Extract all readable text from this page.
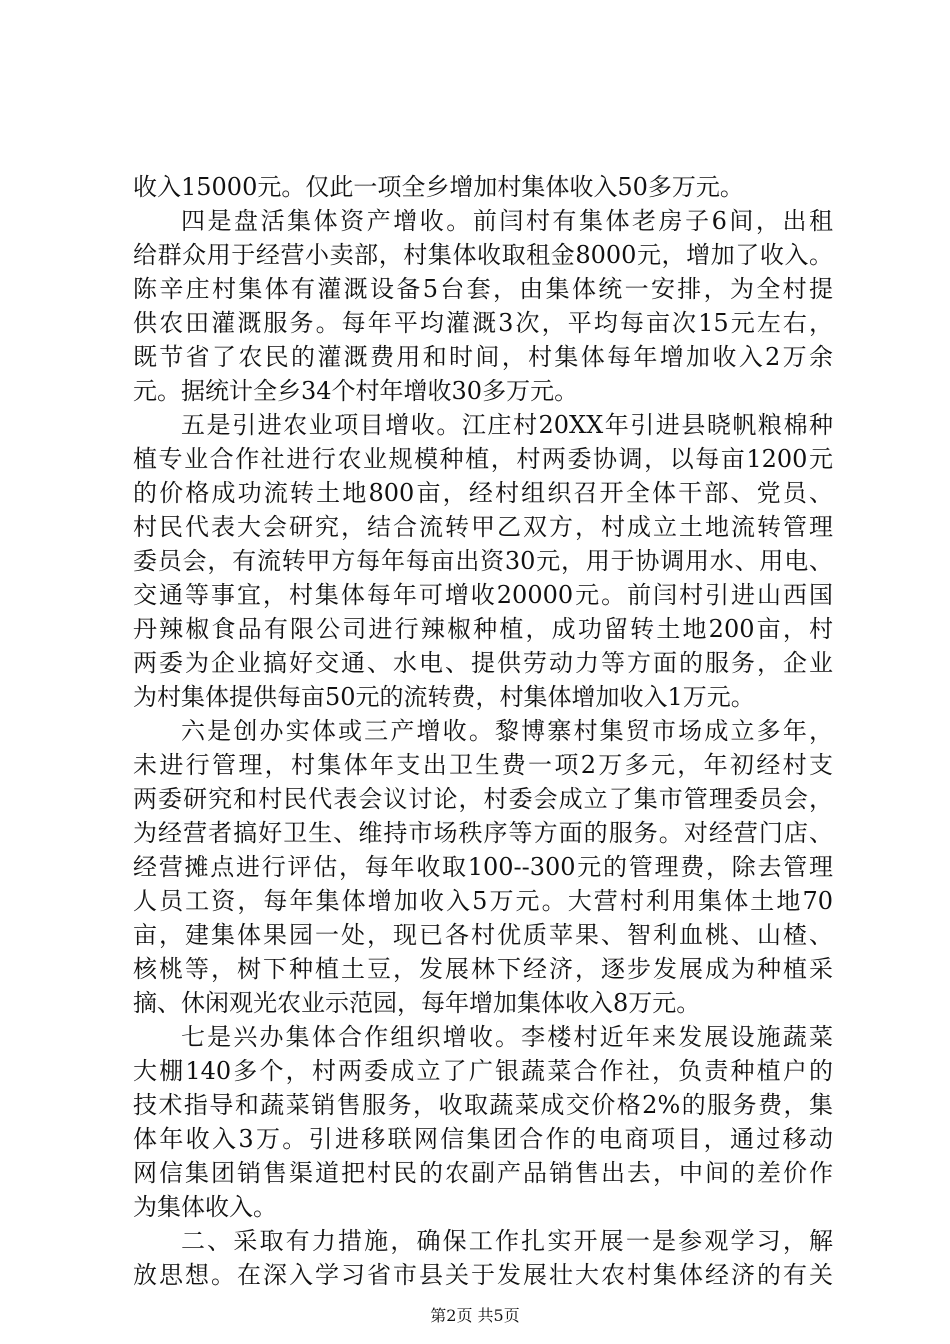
收入15000元。仅此一项全乡增加村集体收入50多万元。
四是盘活集体资产增收。前闫村有集体老房子6间，出租
给群众用于经营小卖部，村集体收取租金8000元，增加了收入。
陈辛庄村集体有灌溉设备5台套，由集体统一安排，为全村提
供农田灌溉服务。每年平均灌溉3次，平均每亩次15元左右，
既节省了农民的灌溉费用和时间，村集体每年增加收入2万余
元。据统计全乡34个村年增收30多万元。
五是引进农业项目增收。江庄村20XX年引进县晓帆粮棉种
植专业合作社进行农业规模种植，村两委协调，以每亩1200元
的价格成功流转土地800亩，经村组织召开全体干部、党员、
村民代表大会研究，结合流转甲乙双方，村成立土地流转管理
委员会，有流转甲方每年每亩出资30元，用于协调用水、用电、
交通等事宜，村集体每年可增收20000元。前闫村引进山西国
丹辣椒食品有限公司进行辣椒种植，成功留转土地200亩，村
两委为企业搞好交通、水电、提供劳动力等方面的服务，企业
为村集体提供每亩50元的流转费，村集体增加收入1万元。
六是创办实体或三产增收。黎博寨村集贸市场成立多年，
未进行管理，村集体年支出卫生费一项2万多元，年初经村支
两委研究和村民代表会议讨论，村委会成立了集市管理委员会，
为经营者搞好卫生、维持市场秩序等方面的服务。对经营门店、
经营摊点进行评估，每年收取100--300元的管理费，除去管理
人员工资，每年集体增加收入5万元。大营村利用集体土地70
亩，建集体果园一处，现已各村优质苹果、智利血桃、山楂、
核桃等，树下种植土豆，发展林下经济，逐步发展成为种植采
摘、休闲观光农业示范园，每年增加集体收入8万元。
七是兴办集体合作组织增收。李楼村近年来发展设施蔬菜
大棚140多个，村两委成立了广银蔬菜合作社，负责种植户的
技术指导和蔬菜销售服务，收取蔬菜成交价格2%的服务费，集
体年收入3万。引进移联网信集团合作的电商项目，通过移动
网信集团销售渠道把村民的农副产品销售出去，中间的差价作
为集体收入。
二、采取有力措施，确保工作扎实开展一是参观学习，解
放思想。在深入学习省市县关于发展壮大农村集体经济的有关
第2页 共5页
